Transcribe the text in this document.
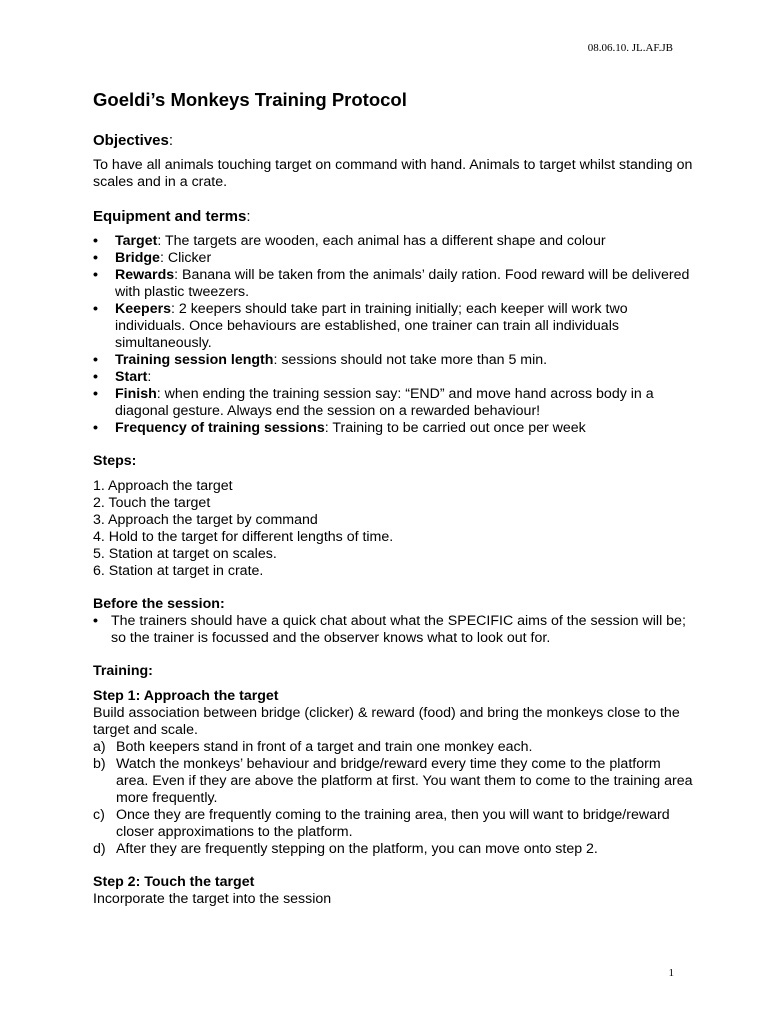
08.06.10. JL.AF.JB
Goeldi’s Monkeys Training Protocol
Objectives:

To have all animals touching target on command with hand. Animals to target whilst standing on scales and in a crate.

Equipment and terms:
• Target: The targets are wooden, each animal has a different shape and colour
• Bridge: Clicker
• Rewards: Banana will be taken from the animals’ daily ration. Food reward will be delivered with plastic tweezers.
• Keepers: 2 keepers should take part in training initially; each keeper will work two individuals. Once behaviours are established, one trainer can train all individuals simultaneously.
• Training session length: sessions should not take more than 5 min.
• Start:
• Finish: when ending the training session say: “END” and move hand across body in a diagonal gesture. Always end the session on a rewarded behaviour!
• Frequency of training sessions: Training to be carried out once per week

Steps:

1. Approach the target
2. Touch the target
3. Approach the target by command
4. Hold to the target for different lengths of time.
5. Station at target on scales.
6. Station at target in crate.

Before the session:

• The trainers should have a quick chat about what the SPECIFIC aims of the session will be; so the trainer is focussed and the observer knows what to look out for.

Training:

Step 1: Approach the target

Build association between bridge (clicker) & reward (food) and bring the monkeys close to the target and scale.

a) Both keepers stand in front of a target and train one monkey each.
b) Watch the monkeys’ behaviour and bridge/reward every time they come to the platform area. Even if they are above the platform at first. You want them to come to the training area more frequently.
c) Once they are frequently coming to the training area, then you will want to bridge/reward closer approximations to the platform.
d) After they are frequently stepping on the platform, you can move onto step 2.

Step 2: Touch the target

Incorporate the target into the session

1
